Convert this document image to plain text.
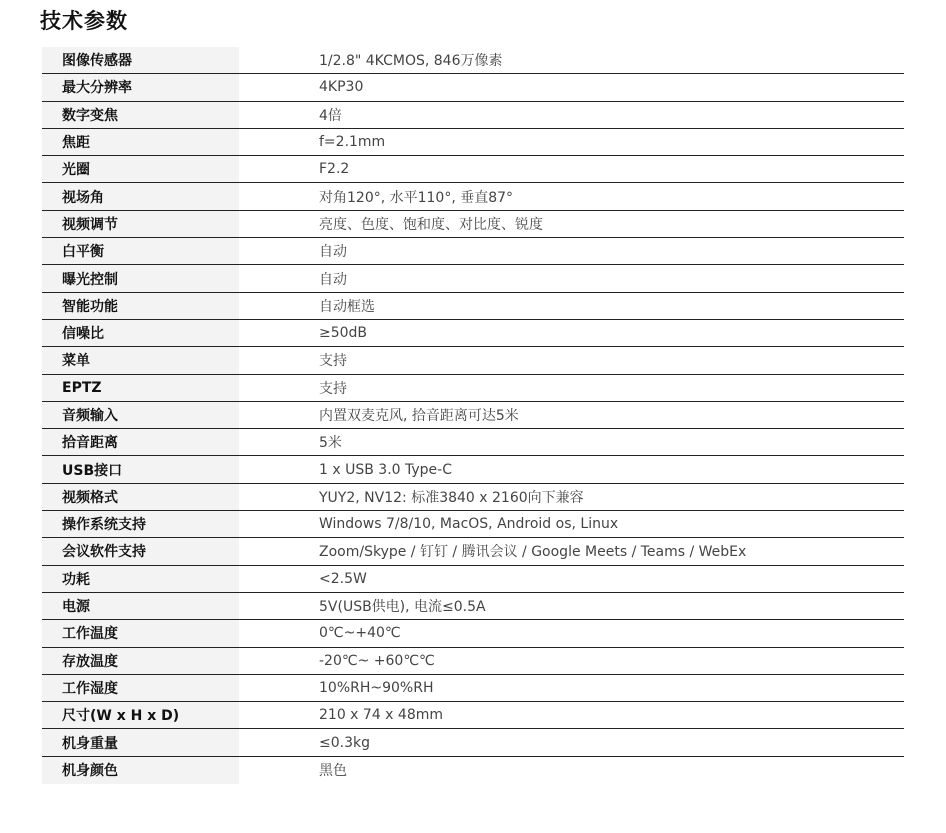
技术参数
图像传感器	1/2.8" 4KCMOS, 846万像素
最大分辨率	4KP30
数字变焦	4倍
焦距	f=2.1mm
光圈	F2.2
视场角	对角120°, 水平110°, 垂直87°
视频调节	亮度、色度、饱和度、对比度、锐度
白平衡	自动
曝光控制	自动
智能功能	自动框选
信噪比	≥50dB
菜单	支持
EPTZ	支持
音频输入	内置双麦克风, 拾音距离可达5米
拾音距离	5米
USB接口	1 x USB 3.0 Type-C
视频格式	YUY2, NV12: 标准3840 x 2160向下兼容
操作系统支持	Windows 7/8/10, MacOS, Android os, Linux
会议软件支持	Zoom/Skype / 钉钉 / 腾讯会议 / Google Meets / Teams / WebEx
功耗	<2.5W
电源	5V(USB供电), 电流≤0.5A
工作温度	0℃~+40℃
存放温度	-20℃~ +60℃℃
工作湿度	10%RH~90%RH
尺寸(W x H x D)	210 x 74 x 48mm
机身重量	≤0.3kg
机身颜色	黑色
